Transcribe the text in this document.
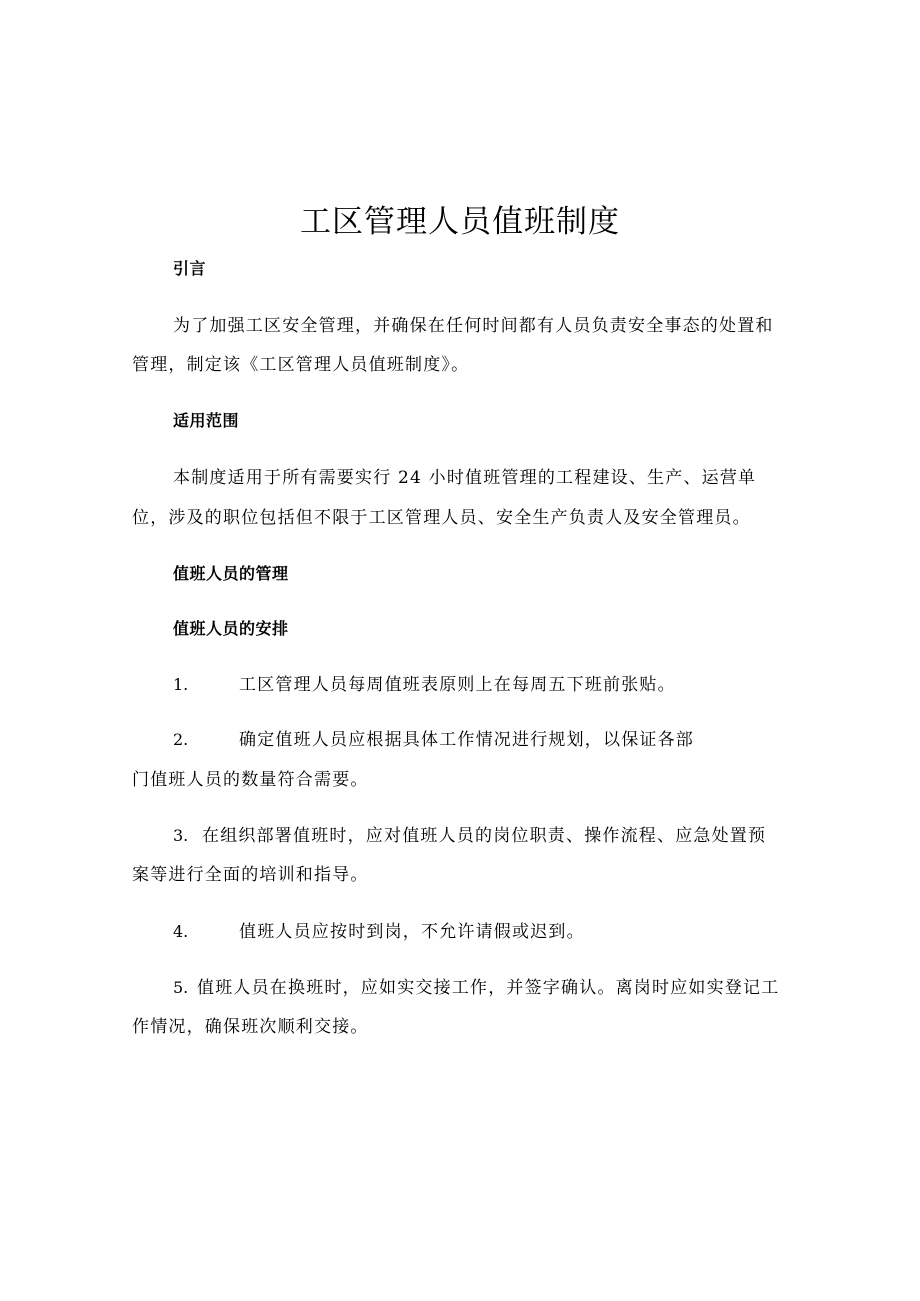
工区管理人员值班制度
引言
为了加强工区安全管理，并确保在任何时间都有人员负责安全事态的处置和
管理，制定该《工区管理人员值班制度》。
适用范围
本制度适用于所有需要实行 24 小时值班管理的工程建设、生产、运营单
位，涉及的职位包括但不限于工区管理人员、安全生产负责人及安全管理员。
值班人员的管理
值班人员的安排
1.	工区管理人员每周值班表原则上在每周五下班前张贴。
2.	确定值班人员应根据具体工作情况进行规划，以保证各部
门值班人员的数量符合需要。
3. 在组织部署值班时，应对值班人员的岗位职责、操作流程、应急处置预
案等进行全面的培训和指导。
4.	值班人员应按时到岗，不允许请假或迟到。
5. 值班人员在换班时，应如实交接工作，并签字确认。离岗时应如实登记工
作情况，确保班次顺利交接。
